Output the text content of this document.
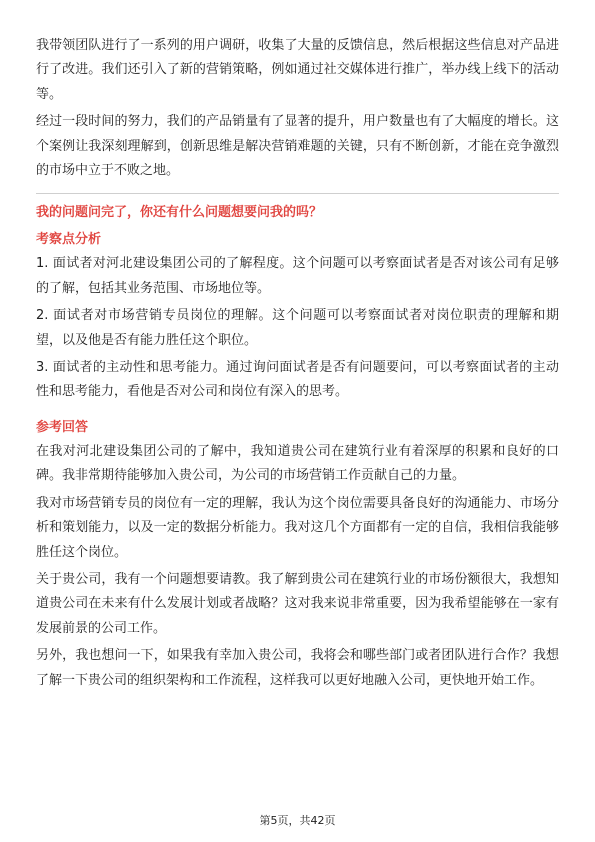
我带领团队进行了一系列的用户调研，收集了大量的反馈信息，然后根据这些信息对产品进行了改进。我们还引入了新的营销策略，例如通过社交媒体进行推广，举办线上线下的活动等。

经过一段时间的努力，我们的产品销量有了显著的提升，用户数量也有了大幅度的增长。这个案例让我深刻理解到，创新思维是解决营销难题的关键，只有不断创新，才能在竞争激烈的市场中立于不败之地。

我的问题问完了，你还有什么问题想要问我的吗？
考察点分析

1. 面试者对河北建设集团公司的了解程度。这个问题可以考察面试者是否对该公司有足够的了解，包括其业务范围、市场地位等。

2. 面试者对市场营销专员岗位的理解。这个问题可以考察面试者对岗位职责的理解和期望，以及他是否有能力胜任这个职位。

3. 面试者的主动性和思考能力。通过询问面试者是否有问题要问，可以考察面试者的主动性和思考能力，看他是否对公司和岗位有深入的思考。

参考回答

在我对河北建设集团公司的了解中，我知道贵公司在建筑行业有着深厚的积累和良好的口碑。我非常期待能够加入贵公司，为公司的市场营销工作贡献自己的力量。

我对市场营销专员的岗位有一定的理解，我认为这个岗位需要具备良好的沟通能力、市场分析和策划能力，以及一定的数据分析能力。我对这几个方面都有一定的自信，我相信我能够胜任这个岗位。

关于贵公司，我有一个问题想要请教。我了解到贵公司在建筑行业的市场份额很大，我想知道贵公司在未来有什么发展计划或者战略？这对我来说非常重要，因为我希望能够在一家有发展前景的公司工作。

另外，我也想问一下，如果我有幸加入贵公司，我将会和哪些部门或者团队进行合作？我想了解一下贵公司的组织架构和工作流程，这样我可以更好地融入公司，更快地开始工作。

第5页，共42页
